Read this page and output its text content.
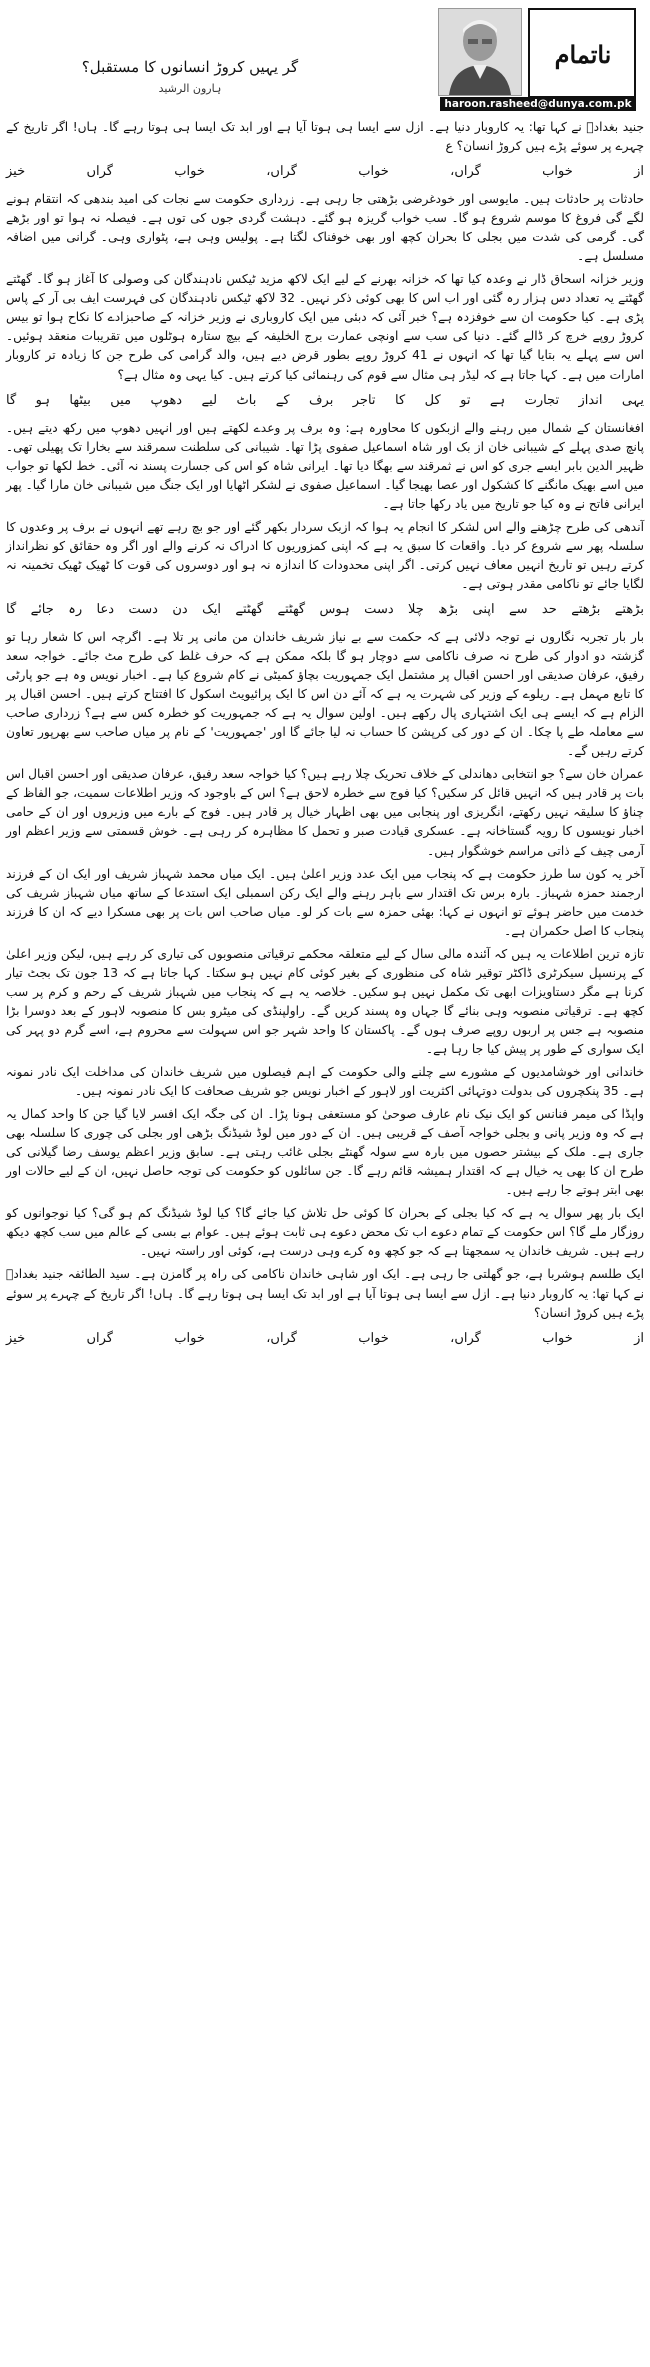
ناتمام
haroon.rasheed@dunya.com.pk
گر یہیں کروڑ انسانوں کا مستقبل؟
ہارون الرشید

جنید بغدادؒ نے کہا تھا: یہ کاروبار دنیا ہے۔ ازل سے ایسا ہی ہوتا آیا ہے اور ابد تک ایسا ہی ہوتا رہے گا۔ ہاں! اگر تاریخ کے چہرے پر سوئے پڑے ہیں کروڑ انسان؟ ع

از خواب گراں، خواب گراں، خواب گراں خیز

حادثات پر حادثات ہیں۔ مایوسی اور خودغرضی بڑھتی جا رہی ہے۔ زرداری حکومت سے نجات کی امید بندھی کہ انتقام ہونے لگے گی فروغ کا موسم شروع ہو گا۔ سب خواب گریزہ ہو گئے۔ دہشت گردی جوں کی توں ہے۔ فیصلہ نہ ہوا تو اور بڑھے گی۔ گرمی کی شدت میں بجلی کا بحران کچھ اور بھی خوفناک لگتا ہے۔ پولیس وہی ہے، پٹواری وہی۔ گرانی میں اضافہ مسلسل ہے۔

وزیر خزانہ اسحاق ڈار نے وعدہ کیا تھا کہ خزانہ بھرنے کے لیے ایک لاکھ مزید ٹیکس نادہندگان کی وصولی کا آغاز ہو گا۔ گھٹتے گھٹتے یہ تعداد دس ہزار رہ گئی اور اب اس کا بھی کوئی ذکر نہیں۔ 32 لاکھ ٹیکس نادہندگان کی فہرست ایف بی آر کے پاس پڑی ہے۔ کیا حکومت ان سے خوفزدہ ہے؟ خبر آئی کہ دبئی میں ایک کاروباری نے وزیر خزانہ کے صاحبزادے کا نکاح ہوا تو بیس کروڑ روپے خرچ کر ڈالے گئے۔ دنیا کی سب سے اونچی عمارت برج الخلیفہ کے بیچ ستارہ ہوٹلوں میں تقریبات منعقد ہوئیں۔ اس سے پہلے یہ بتایا گیا تھا کہ انہوں نے 41 کروڑ روپے بطور قرض دیے ہیں، والد گرامی کی طرح جن کا زیادہ تر کاروبار امارات میں ہے۔ کہا جاتا ہے کہ لیڈر ہی مثال سے قوم کی رہنمائی کیا کرتے ہیں۔ کیا یہی وہ مثال ہے؟

یہی انداز تجارت ہے تو کل کا تاجر برف کے باٹ لیے دھوپ میں بیٹھا ہو گا

افغانستان کے شمال میں رہنے والے ازبکوں کا محاورہ ہے: وہ برف پر وعدے لکھتے ہیں اور انہیں دھوپ میں رکھ دیتے ہیں۔ پانچ صدی پہلے کے شیبانی خان از بک اور شاہ اسماعیل صفوی پڑا تھا۔ شیبانی کی سلطنت سمرقند سے بخارا تک پھیلی تھی۔ ظہیر الدین بابر ایسے جری کو اس نے ثمرقند سے بھگا دیا تھا۔ ایرانی شاہ کو اس کی جسارت پسند نہ آئی۔ خط لکھا تو جواب میں اسے بھیک مانگنے کا کشکول اور عصا بھیجا گیا۔ اسماعیل صفوی نے لشکر اٹھایا اور ایک جنگ میں شیبانی خان مارا گیا۔ پھر ایرانی فاتح نے وہ کیا جو تاریخ میں یاد رکھا جاتا ہے۔

آندھی کی طرح چڑھنے والے اس لشکر کا انجام یہ ہوا کہ ازبک سردار بکھر گئے اور جو بچ رہے تھے انہوں نے برف پر وعدوں کا سلسلہ پھر سے شروع کر دیا۔ واقعات کا سبق یہ ہے کہ اپنی کمزوریوں کا ادراک نہ کرنے والے اور اگر وہ حقائق کو نظرانداز کرتے رہیں تو تاریخ انہیں معاف نہیں کرتی۔ اگر اپنی محدودات کا اندازہ نہ ہو اور دوسروں کی قوت کا ٹھیک ٹھیک تخمینہ نہ لگایا جائے تو ناکامی مقدر ہوتی ہے۔

بڑھتے بڑھتے حد سے اپنی بڑھ چلا دست ہوس گھٹتے گھٹتے ایک دن دست دعا رہ جائے گا

بار بار تجربہ نگاروں نے توجہ دلائی ہے کہ حکمت سے بے نیاز شریف خاندان من مانی پر تلا ہے۔ اگرچہ اس کا شعار رہا تو گزشتہ دو ادوار کی طرح نہ صرف ناکامی سے دوچار ہو گا بلکہ ممکن ہے کہ حرف غلط کی طرح مٹ جائے۔ خواجہ سعد رفیق، عرفان صدیقی اور احسن اقبال پر مشتمل ایک جمہوریت بچاؤ کمیٹی نے کام شروع کیا ہے۔ اخبار نویس وہ ہے جو پارٹی کا تابع مہمل ہے۔ ریلوے کے وزیر کی شہرت یہ ہے کہ آئے دن اس کا ایک پرائیویٹ اسکول کا افتتاح کرتے ہیں۔ احسن اقبال پر الزام ہے کہ ایسے ہی ایک اشتہاری پال رکھے ہیں۔ اولین سوال یہ ہے کہ جمہوریت کو خطرہ کس سے ہے؟ زرداری صاحب سے معاملہ طے پا چکا۔ ان کے دور کی کرپشن کا حساب نہ لیا جائے گا اور 'جمہوریت' کے نام پر میاں صاحب سے بھرپور تعاون کرتے رہیں گے۔

عمران خان سے؟ جو انتخابی دھاندلی کے خلاف تحریک چلا رہے ہیں؟ کیا خواجہ سعد رفیق، عرفان صدیقی اور احسن اقبال اس بات پر قادر ہیں کہ انہیں قائل کر سکیں؟ کیا فوج سے خطرہ لاحق ہے؟ اس کے باوجود کہ وزیر اطلاعات سمیت، جو الفاظ کے چناؤ کا سلیقہ نہیں رکھتے، انگریزی اور پنجابی میں بھی اظہار خیال پر قادر ہیں۔ فوج کے بارے میں وزیروں اور ان کے حامی اخبار نویسوں کا رویہ گستاخانہ ہے۔ عسکری قیادت صبر و تحمل کا مظاہرہ کر رہی ہے۔ خوش قسمتی سے وزیر اعظم اور آرمی چیف کے ذاتی مراسم خوشگوار ہیں۔

آخر یہ کون سا طرز حکومت ہے کہ پنجاب میں ایک عدد وزیر اعلیٰ ہیں۔ ایک میاں محمد شہباز شریف اور ایک ان کے فرزند ارجمند حمزہ شہباز۔ بارہ برس تک اقتدار سے باہر رہنے والے ایک رکن اسمبلی ایک استدعا کے ساتھ میاں شہباز شریف کی خدمت میں حاضر ہوئے تو انہوں نے کہا: بھئی حمزہ سے بات کر لو۔ میاں صاحب اس بات پر بھی مسکرا دیے کہ ان کا فرزند پنجاب کا اصل حکمران ہے۔

تازہ ترین اطلاعات یہ ہیں کہ آئندہ مالی سال کے لیے متعلقہ محکمے ترقیاتی منصوبوں کی تیاری کر رہے ہیں، لیکن وزیر اعلیٰ کے پرنسپل سیکرٹری ڈاکٹر توقیر شاہ کی منظوری کے بغیر کوئی کام نہیں ہو سکتا۔ کہا جاتا ہے کہ 13 جون تک بجٹ تیار کرنا ہے مگر دستاویزات ابھی تک مکمل نہیں ہو سکیں۔ خلاصہ یہ ہے کہ پنجاب میں شہباز شریف کے رحم و کرم پر سب کچھ ہے۔ ترقیاتی منصوبہ وہی بنائے گا جہاں وہ پسند کریں گے۔ راولپنڈی کی میٹرو بس کا منصوبہ لاہور کے بعد دوسرا بڑا منصوبہ ہے جس پر اربوں روپے صرف ہوں گے۔ پاکستان کا واحد شہر جو اس سہولت سے محروم ہے، اسے گرم دو پہر کی ایک سواری کے طور پر پیش کیا جا رہا ہے۔

خاندانی اور خوشامدیوں کے مشورے سے چلنے والی حکومت کے اہم فیصلوں میں شریف خاندان کی مداخلت ایک نادر نمونہ ہے۔ 35 پنکچروں کی بدولت دوتہائی اکثریت اور لاہور کے اخبار نویس جو شریف صحافت کا ایک نادر نمونہ ہیں۔

واپڈا کی میمر فنانس کو ایک نیک نام عارف صوحیٰ کو مستعفی ہونا پڑا۔ ان کی جگہ ایک افسر لایا گیا جن کا واحد کمال یہ ہے کہ وہ وزیر پانی و بجلی خواجہ آصف کے قریبی ہیں۔ ان کے دور میں لوڈ شیڈنگ بڑھی اور بجلی کی چوری کا سلسلہ بھی جاری ہے۔ ملک کے بیشتر حصوں میں بارہ سے سولہ گھنٹے بجلی غائب رہتی ہے۔ سابق وزیر اعظم یوسف رضا گیلانی کی طرح ان کا بھی یہ خیال ہے کہ اقتدار ہمیشہ قائم رہے گا۔ جن سائلوں کو حکومت کی توجہ حاصل نہیں، ان کے لیے حالات اور بھی ابتر ہوتے جا رہے ہیں۔

ایک بار پھر سوال یہ ہے کہ کیا بجلی کے بحران کا کوئی حل تلاش کیا جائے گا؟ کیا لوڈ شیڈنگ کم ہو گی؟ کیا نوجوانوں کو روزگار ملے گا؟ اس حکومت کے تمام دعوے اب تک محض دعوے ہی ثابت ہوئے ہیں۔ عوام بے بسی کے عالم میں سب کچھ دیکھ رہے ہیں۔ شریف خاندان یہ سمجھتا ہے کہ جو کچھ وہ کرے وہی درست ہے، کوئی اور راستہ نہیں۔

ایک طلسم ہوشربا ہے، جو گھلتی جا رہی ہے۔ ایک اور شاہی خاندان ناکامی کی راہ پر گامزن ہے۔ سید الطائفہ جنید بغدادؒ نے کہا تھا: یہ کاروبار دنیا ہے۔ ازل سے ایسا ہی ہوتا آیا ہے اور ابد تک ایسا ہی ہوتا رہے گا۔ ہاں! اگر تاریخ کے چہرے پر سوئے پڑے ہیں کروڑ انسان؟

از خواب گراں، خواب گراں، خواب گراں خیز
